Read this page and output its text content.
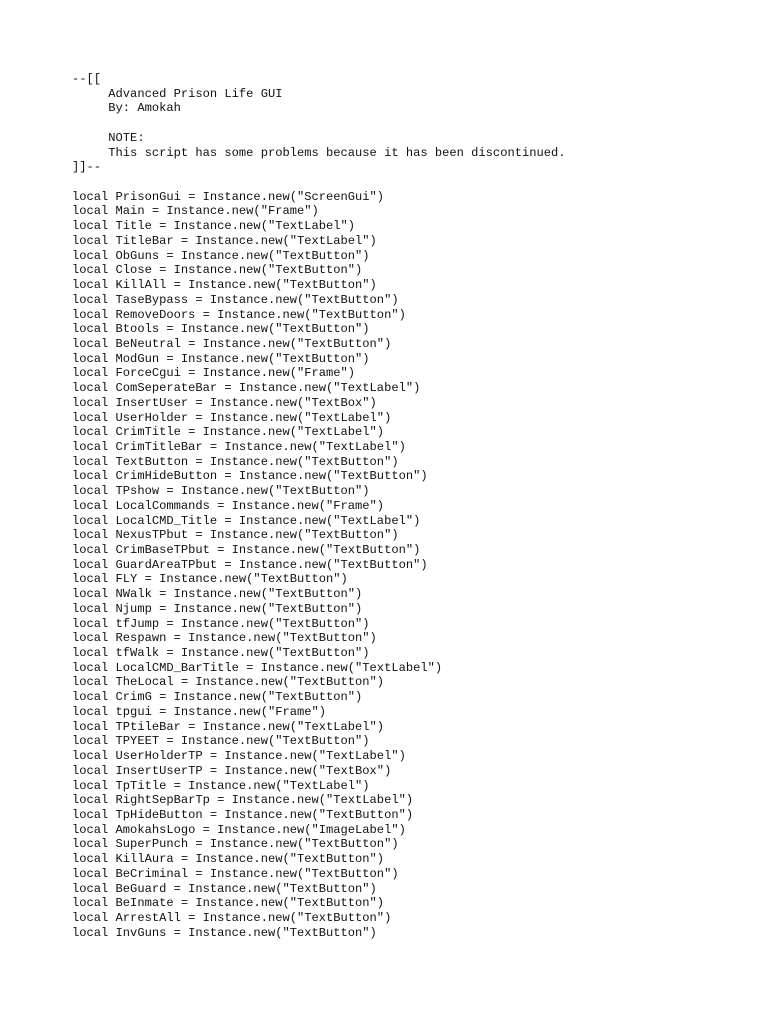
--[[
Advanced Prison Life GUI
By: Amokah
NOTE:
This script has some problems because it has been discontinued.
]]--
local PrisonGui = Instance.new("ScreenGui")
local Main = Instance.new("Frame")
local Title = Instance.new("TextLabel")
local TitleBar = Instance.new("TextLabel")
local ObGuns = Instance.new("TextButton")
local Close = Instance.new("TextButton")
local KillAll = Instance.new("TextButton")
local TaseBypass = Instance.new("TextButton")
local RemoveDoors = Instance.new("TextButton")
local Btools = Instance.new("TextButton")
local BeNeutral = Instance.new("TextButton")
local ModGun = Instance.new("TextButton")
local ForceCgui = Instance.new("Frame")
local ComSeperateBar = Instance.new("TextLabel")
local InsertUser = Instance.new("TextBox")
local UserHolder = Instance.new("TextLabel")
local CrimTitle = Instance.new("TextLabel")
local CrimTitleBar = Instance.new("TextLabel")
local TextButton = Instance.new("TextButton")
local CrimHideButton = Instance.new("TextButton")
local TPshow = Instance.new("TextButton")
local LocalCommands = Instance.new("Frame")
local LocalCMD_Title = Instance.new("TextLabel")
local NexusTPbut = Instance.new("TextButton")
local CrimBaseTPbut = Instance.new("TextButton")
local GuardAreaTPbut = Instance.new("TextButton")
local FLY = Instance.new("TextButton")
local NWalk = Instance.new("TextButton")
local Njump = Instance.new("TextButton")
local tfJump = Instance.new("TextButton")
local Respawn = Instance.new("TextButton")
local tfWalk = Instance.new("TextButton")
local LocalCMD_BarTitle = Instance.new("TextLabel")
local TheLocal = Instance.new("TextButton")
local CrimG = Instance.new("TextButton")
local tpgui = Instance.new("Frame")
local TPtileBar = Instance.new("TextLabel")
local TPYEET = Instance.new("TextButton")
local UserHolderTP = Instance.new("TextLabel")
local InsertUserTP = Instance.new("TextBox")
local TpTitle = Instance.new("TextLabel")
local RightSepBarTp = Instance.new("TextLabel")
local TpHideButton = Instance.new("TextButton")
local AmokahsLogo = Instance.new("ImageLabel")
local SuperPunch = Instance.new("TextButton")
local KillAura = Instance.new("TextButton")
local BeCriminal = Instance.new("TextButton")
local BeGuard = Instance.new("TextButton")
local BeInmate = Instance.new("TextButton")
local ArrestAll = Instance.new("TextButton")
local InvGuns = Instance.new("TextButton")
